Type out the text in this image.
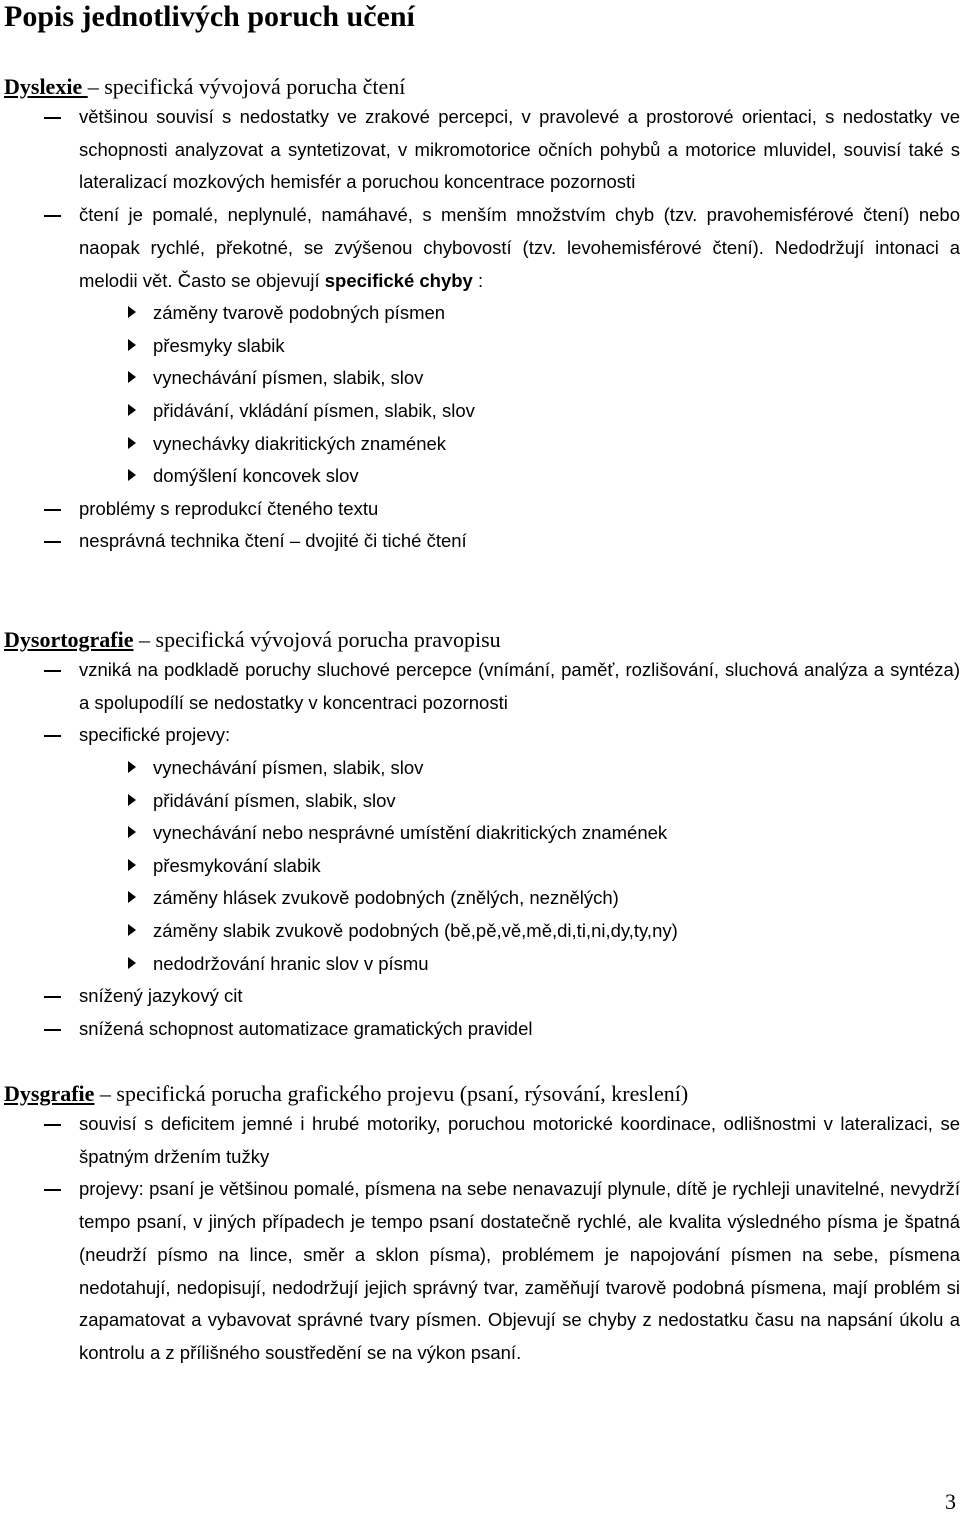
Popis jednotlivých poruch učení
Dyslexie – specifická vývojová porucha čtení
většinou souvisí s nedostatky ve zrakové percepci, v pravolevé a prostorové orientaci, s nedostatky ve schopnosti analyzovat a syntetizovat, v mikromotorice očních pohybů a motorice mluvidel, souvisí také s lateralizací mozkových hemisfér a poruchou koncentrace pozornosti
čtení je pomalé, neplynulé, namáhavé, s menším množstvím chyb (tzv. pravohemisférové čtení) nebo naopak rychlé, překotné, se zvýšenou chybovostí (tzv. levohemisférové čtení). Nedodržují intonaci a melodii vět. Často se objevují specifické chyby :
záměny tvarově podobných písmen
přesmyky slabik
vynechávání písmen, slabik, slov
přidávání, vkládání písmen, slabik, slov
vynechávky diakritických znamének
domýšlení koncovek slov
problémy s reprodukcí čteného textu
nesprávná technika čtení – dvojité či tiché čtení
Dysortografie – specifická vývojová porucha pravopisu
vzniká na podkladě poruchy sluchové percepce (vnímání, paměť, rozlišování, sluchová analýza a syntéza) a spolupodílí se nedostatky v koncentraci pozornosti
specifické projevy:
vynechávání písmen, slabik, slov
přidávání písmen, slabik, slov
vynechávání nebo nesprávné umístění diakritických znamének
přesmykování slabik
záměny hlásek zvukově podobných (znělých, neznělých)
záměny slabik zvukově podobných (bě,pě,vě,mě,di,ti,ni,dy,ty,ny)
nedodržování hranic slov v písmu
snížený jazykový cit
snížená schopnost automatizace gramatických pravidel
Dysgrafie – specifická porucha grafického projevu (psaní, rýsování, kreslení)
souvisí s deficitem jemné i hrubé motoriky, poruchou motorické koordinace, odlišnostmi v lateralizaci, se špatným držením tužky
projevy: psaní je většinou pomalé, písmena na sebe nenavazují plynule, dítě je rychleji unavitelné, nevydrží tempo psaní, v jiných případech je tempo psaní dostatečně rychlé, ale kvalita výsledného písma je špatná (neudrží písmo na lince, směr a sklon písma), problémem je napojování písmen na sebe, písmena nedotahují, nedopisují, nedodržují jejich správný tvar, zaměňují tvarově podobná písmena, mají problém si zapamatovat a vybavovat správné tvary písmen. Objevují se chyby z nedostatku času na napsání úkolu a kontrolu a z přílišného soustředění se na výkon psaní.
3
